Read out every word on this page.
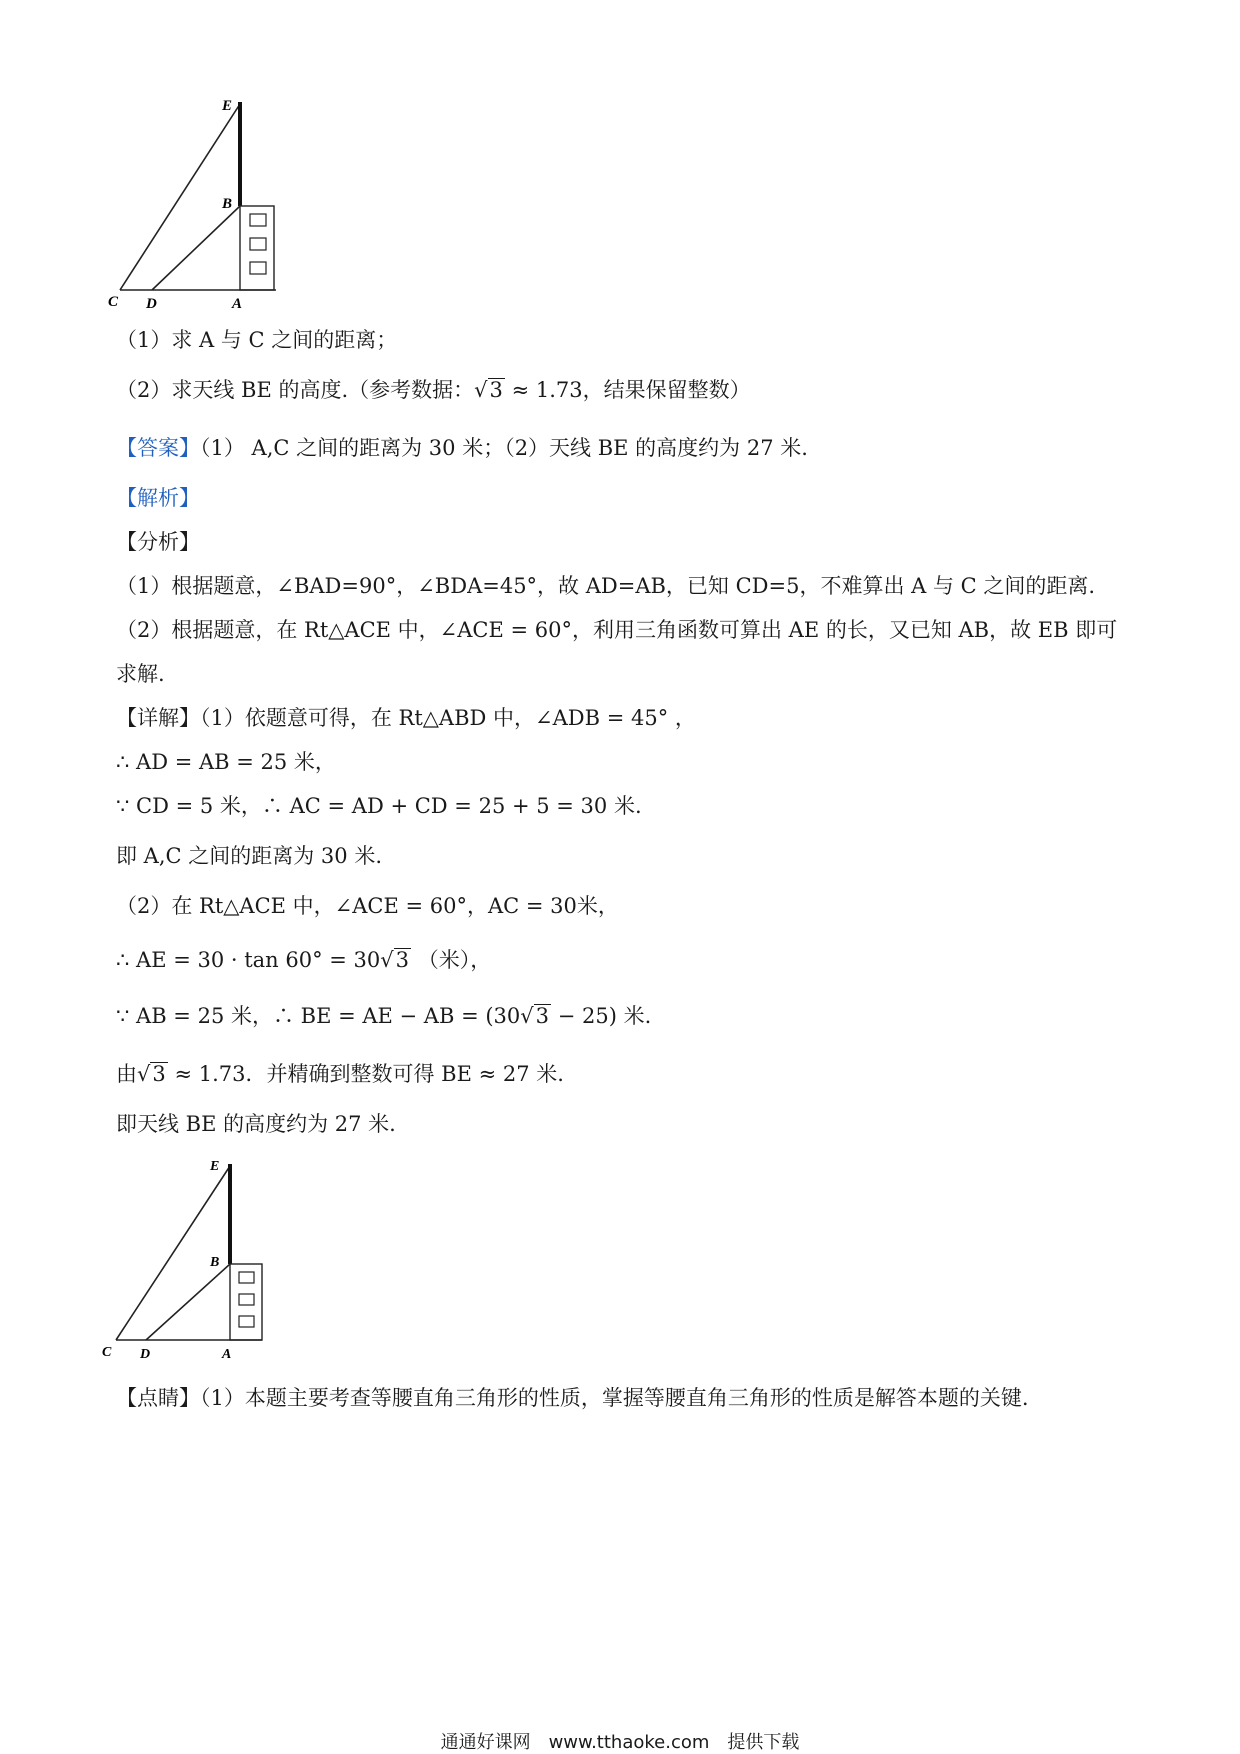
E
B
C D	A
（1）求 A 与 C 之间的距离；
（2）求天线 BE 的高度.（参考数据：√3 ≈ 1.73，结果保留整数）
【答案】（1） A,C 之间的距离为 30 米；（2）天线 BE 的高度约为 27 米.
【解析】
【分析】
（1）根据题意，∠BAD=90°，∠BDA=45°，故 AD=AB，已知 CD=5，不难算出 A 与 C 之间的距离.
（2）根据题意，在 Rt△ACE 中，∠ACE = 60°，利用三角函数可算出 AE 的长，又已知 AB，故 EB 即可
求解.
【详解】（1）依题意可得，在 Rt△ABD 中，∠ADB = 45° ，
∴ AD = AB = 25 米，
∵ CD = 5 米，∴ AC = AD + CD = 25 + 5 = 30 米.
即 A,C 之间的距离为 30 米.
（2）在 Rt△ACE 中，∠ACE = 60°，AC = 30米，
∴ AE = 30 · tan 60° = 30√3 （米），
∵ AB = 25 米，∴ BE = AE − AB = (30√3 − 25) 米.
由√3 ≈ 1.73．并精确到整数可得 BE ≈ 27 米.
即天线 BE 的高度约为 27 米.
E
B
C D	A
【点睛】（1）本题主要考查等腰直角三角形的性质，掌握等腰直角三角形的性质是解答本题的关键.
通通好课网　www.tthaoke.com　提供下载
